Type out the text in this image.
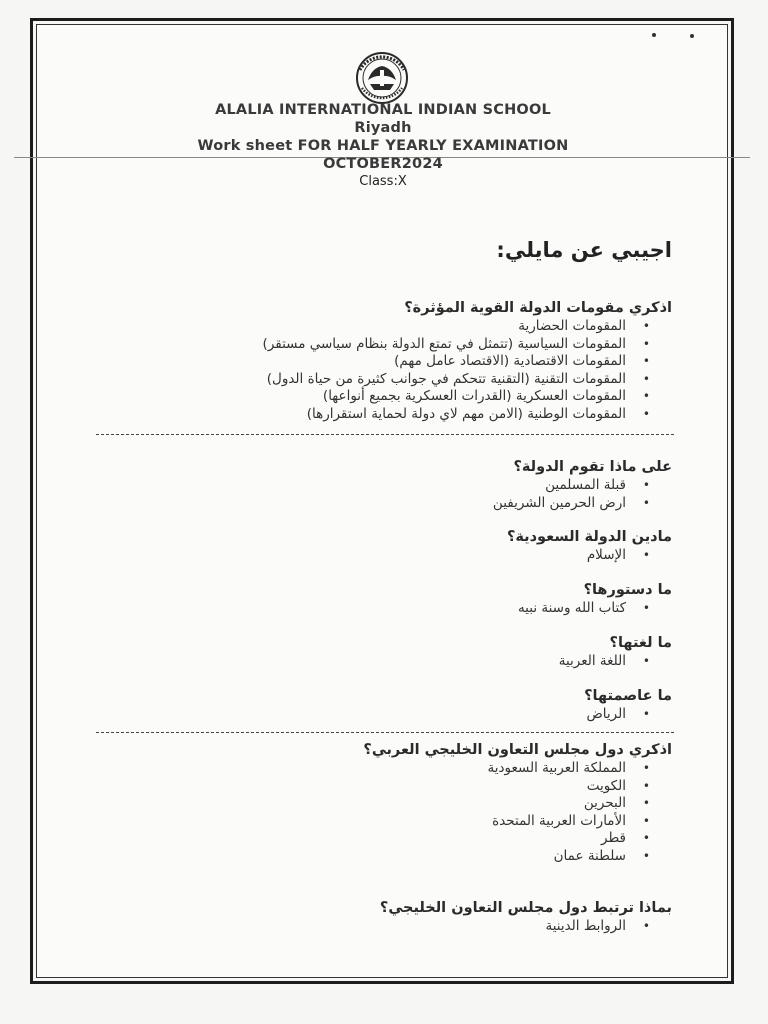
ALALIA INTERNATIONAL INDIAN SCHOOL
Riyadh
Work sheet FOR HALF YEARLY EXAMINATION
OCTOBER2024
Class:X
اجيبي عن مايلي:
اذكري مقومات الدولة القوية المؤثرة؟
• المقومات الحضارية
• المقومات السياسية (تتمثل في تمتع الدولة بنظام سياسي مستقر)
• المقومات الاقتصادية (الاقتصاد عامل مهم)
• المقومات التقنية (التقنية تتحكم في جوانب كثيرة من حياة الدول)
• المقومات العسكرية (القدرات العسكرية بجميع أنواعها)
• المقومات الوطنية (الامن مهم لاي دولة لحماية استقرارها)
على ماذا تقوم الدولة؟
• قبلة المسلمين
• ارض الحرمين الشريفين
مادين الدولة السعودية؟
• الإسلام
ما دستورها؟
• كتاب الله وسنة نبيه
ما لغتها؟
• اللغة العربية
ما عاصمتها؟
• الرياض
اذكري دول مجلس التعاون الخليجي العربي؟
• المملكة العربية السعودية
• الكويت
• البحرين
• الأمارات العربية المتحدة
• قطر
• سلطنة عمان
بماذا ترتبط دول مجلس التعاون الخليجي؟
• الروابط الدينية
